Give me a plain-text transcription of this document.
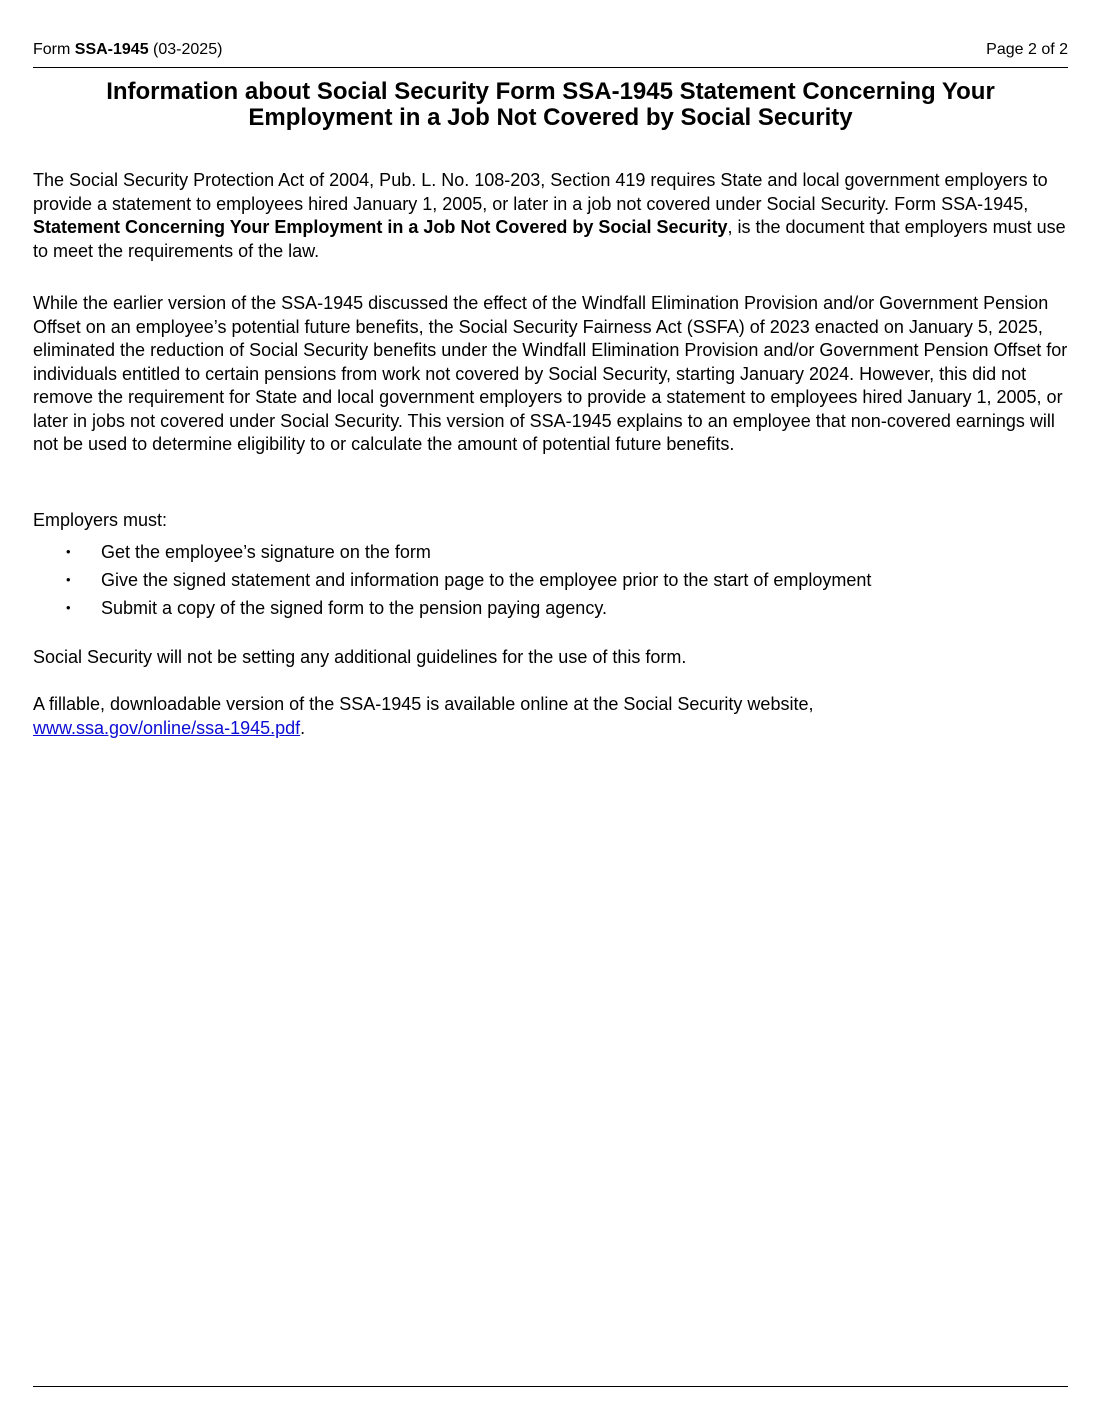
Form SSA-1945 (03-2025)	Page 2 of 2
Information about Social Security Form SSA-1945 Statement Concerning Your
Employment in a Job Not Covered by Social Security

The Social Security Protection Act of 2004, Pub. L. No. 108-203, Section 419 requires State and local government employers to provide a statement to employees hired January 1, 2005, or later in a job not covered under Social Security. Form SSA-1945, Statement Concerning Your Employment in a Job Not Covered by Social Security, is the document that employers must use to meet the requirements of the law.

While the earlier version of the SSA-1945 discussed the effect of the Windfall Elimination Provision and/or Government Pension Offset on an employee’s potential future benefits, the Social Security Fairness Act (SSFA) of 2023 enacted on January 5, 2025, eliminated the reduction of Social Security benefits under the Windfall Elimination Provision and/or Government Pension Offset for individuals entitled to certain pensions from work not covered by Social Security, starting January 2024. However, this did not remove the requirement for State and local government employers to provide a statement to employees hired January 1, 2005, or later in jobs not covered under Social Security. This version of SSA-1945 explains to an employee that non-covered earnings will not be used to determine eligibility to or calculate the amount of potential future benefits.

Employers must:

• Get the employee’s signature on the form
• Give the signed statement and information page to the employee prior to the start of employment
• Submit a copy of the signed form to the pension paying agency.

Social Security will not be setting any additional guidelines for the use of this form.

A fillable, downloadable version of the SSA-1945 is available online at the Social Security website,
www.ssa.gov/online/ssa-1945.pdf.
